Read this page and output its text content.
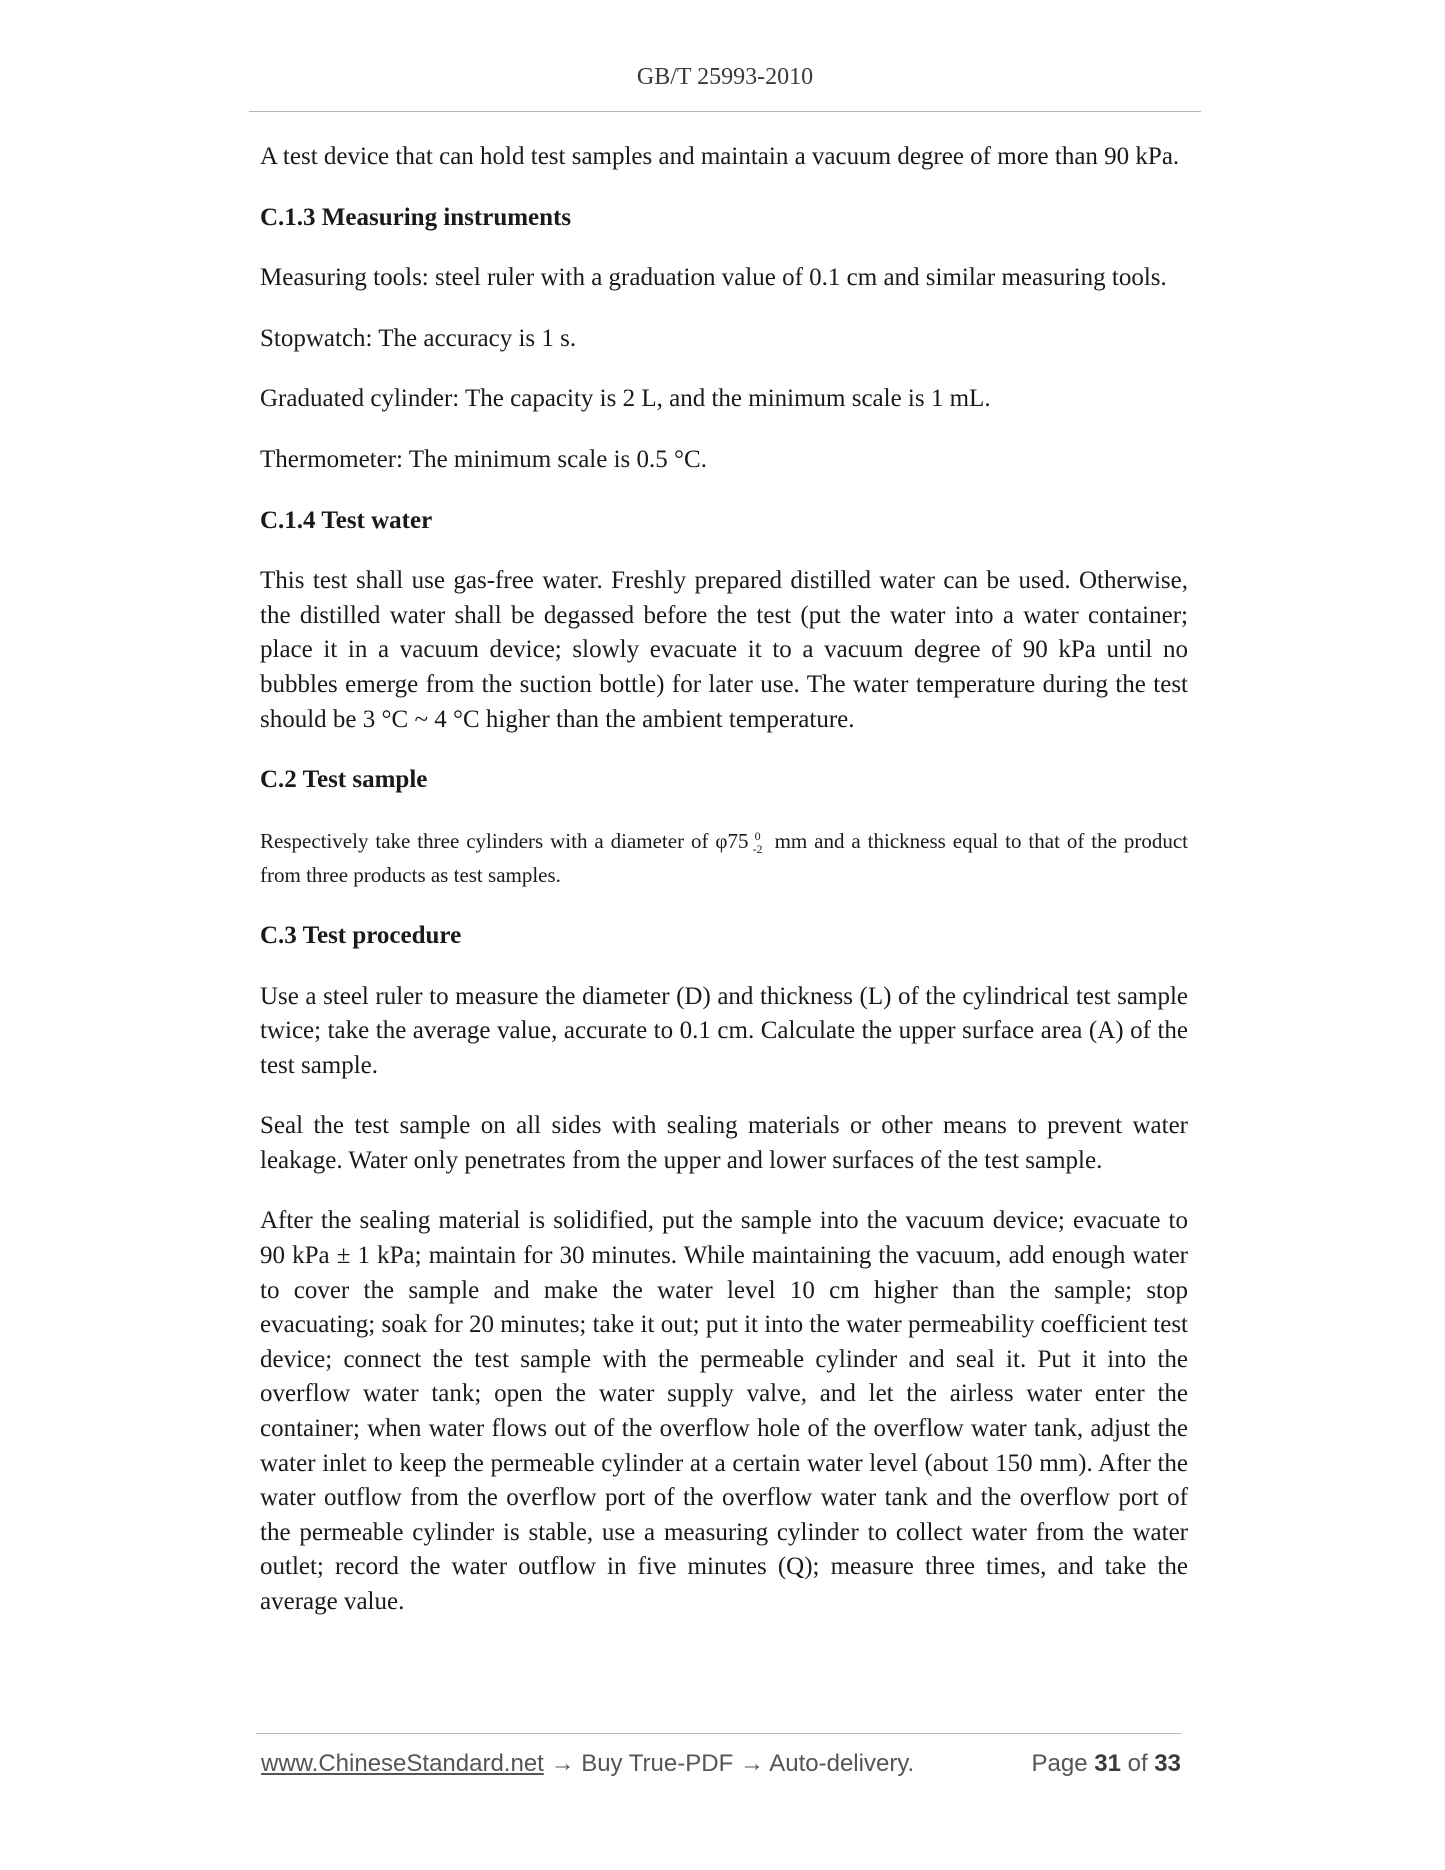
GB/T 25993-2010

A test device that can hold test samples and maintain a vacuum degree of more than 90 kPa.

C.1.3 Measuring instruments

Measuring tools: steel ruler with a graduation value of 0.1 cm and similar measuring tools.

Stopwatch: The accuracy is 1 s.

Graduated cylinder: The capacity is 2 L, and the minimum scale is 1 mL.

Thermometer: The minimum scale is 0.5 °C.

C.1.4 Test water

This test shall use gas-free water. Freshly prepared distilled water can be used. Otherwise, the distilled water shall be degassed before the test (put the water into a water container; place it in a vacuum device; slowly evacuate it to a vacuum degree of 90 kPa until no bubbles emerge from the suction bottle) for later use. The water temperature during the test should be 3 °C ~ 4 °C higher than the ambient temperature.

C.2 Test sample

Respectively take three cylinders with a diameter of φ75 0
-2 mm and a thickness equal to that of the product from three products as test samples.

C.3 Test procedure

Use a steel ruler to measure the diameter (D) and thickness (L) of the cylindrical test sample twice; take the average value, accurate to 0.1 cm. Calculate the upper surface area (A) of the test sample.

Seal the test sample on all sides with sealing materials or other means to prevent water leakage. Water only penetrates from the upper and lower surfaces of the test sample.

After the sealing material is solidified, put the sample into the vacuum device; evacuate to 90 kPa ± 1 kPa; maintain for 30 minutes. While maintaining the vacuum, add enough water to cover the sample and make the water level 10 cm higher than the sample; stop evacuating; soak for 20 minutes; take it out; put it into the water permeability coefficient test device; connect the test sample with the permeable cylinder and seal it. Put it into the overflow water tank; open the water supply valve, and let the airless water enter the container; when water flows out of the overflow hole of the overflow water tank, adjust the water inlet to keep the permeable cylinder at a certain water level (about 150 mm). After the water outflow from the overflow port of the overflow water tank and the overflow port of the permeable cylinder is stable, use a measuring cylinder to collect water from the water outlet; record the water outflow in five minutes (Q); measure three times, and take the average value.

www.ChineseStandard.net → Buy True-PDF → Auto-delivery.	Page 31 of 33
